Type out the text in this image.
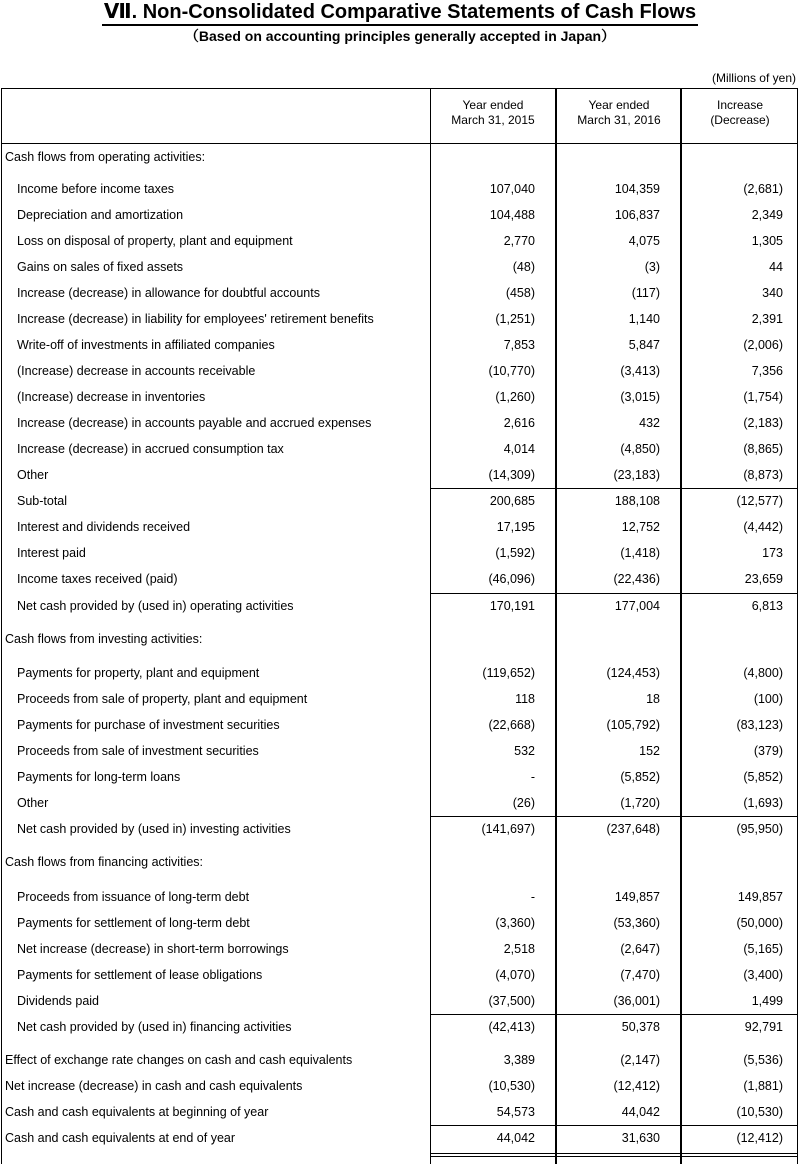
Ⅶ. Non-Consolidated Comparative Statements of Cash Flows
（Based on accounting principles generally accepted in Japan）
(Millions of yen)
Year ended
March 31, 2015
Year ended
March 31, 2016
Increase
(Decrease)
Cash flows from operating activities:
Income before income taxes	107,040	104,359	(2,681)
Depreciation and amortization	104,488	106,837	2,349
Loss on disposal of property, plant and equipment	2,770	4,075	1,305
Gains on sales of fixed assets	(48)	(3)	44
Increase (decrease) in allowance for doubtful accounts	(458)	(117)	340
Increase (decrease) in liability for employees' retirement benefits	(1,251)	1,140	2,391
Write-off of investments in affiliated companies	7,853	5,847	(2,006)
(Increase) decrease in accounts receivable	(10,770)	(3,413)	7,356
(Increase) decrease in inventories	(1,260)	(3,015)	(1,754)
Increase (decrease) in accounts payable and accrued expenses	2,616	432	(2,183)
Increase (decrease) in accrued consumption tax	4,014	(4,850)	(8,865)
Other	(14,309)	(23,183)	(8,873)
Sub-total	200,685	188,108	(12,577)
Interest and dividends received	17,195	12,752	(4,442)
Interest paid	(1,592)	(1,418)	173
Income taxes received (paid)	(46,096)	(22,436)	23,659
Net cash provided by (used in) operating activities	170,191	177,004	6,813
Cash flows from investing activities:
Payments for property, plant and equipment	(119,652)	(124,453)	(4,800)
Proceeds from sale of property, plant and equipment	118	18	(100)
Payments for purchase of investment securities	(22,668)	(105,792)	(83,123)
Proceeds from sale of investment securities	532	152	(379)
Payments for long-term loans	-	(5,852)	(5,852)
Other	(26)	(1,720)	(1,693)
Net cash provided by (used in) investing activities	(141,697)	(237,648)	(95,950)
Cash flows from financing activities:
Proceeds from issuance of long-term debt	-	149,857	149,857
Payments for settlement of long-term debt	(3,360)	(53,360)	(50,000)
Net increase (decrease) in short-term borrowings	2,518	(2,647)	(5,165)
Payments for settlement of lease obligations	(4,070)	(7,470)	(3,400)
Dividends paid	(37,500)	(36,001)	1,499
Net cash provided by (used in) financing activities	(42,413)	50,378	92,791
Effect of exchange rate changes on cash and cash equivalents	3,389	(2,147)	(5,536)
Net increase (decrease) in cash and cash equivalents	(10,530)	(12,412)	(1,881)
Cash and cash equivalents at beginning of year	54,573	44,042	(10,530)
Cash and cash equivalents at end of year	44,042	31,630	(12,412)
